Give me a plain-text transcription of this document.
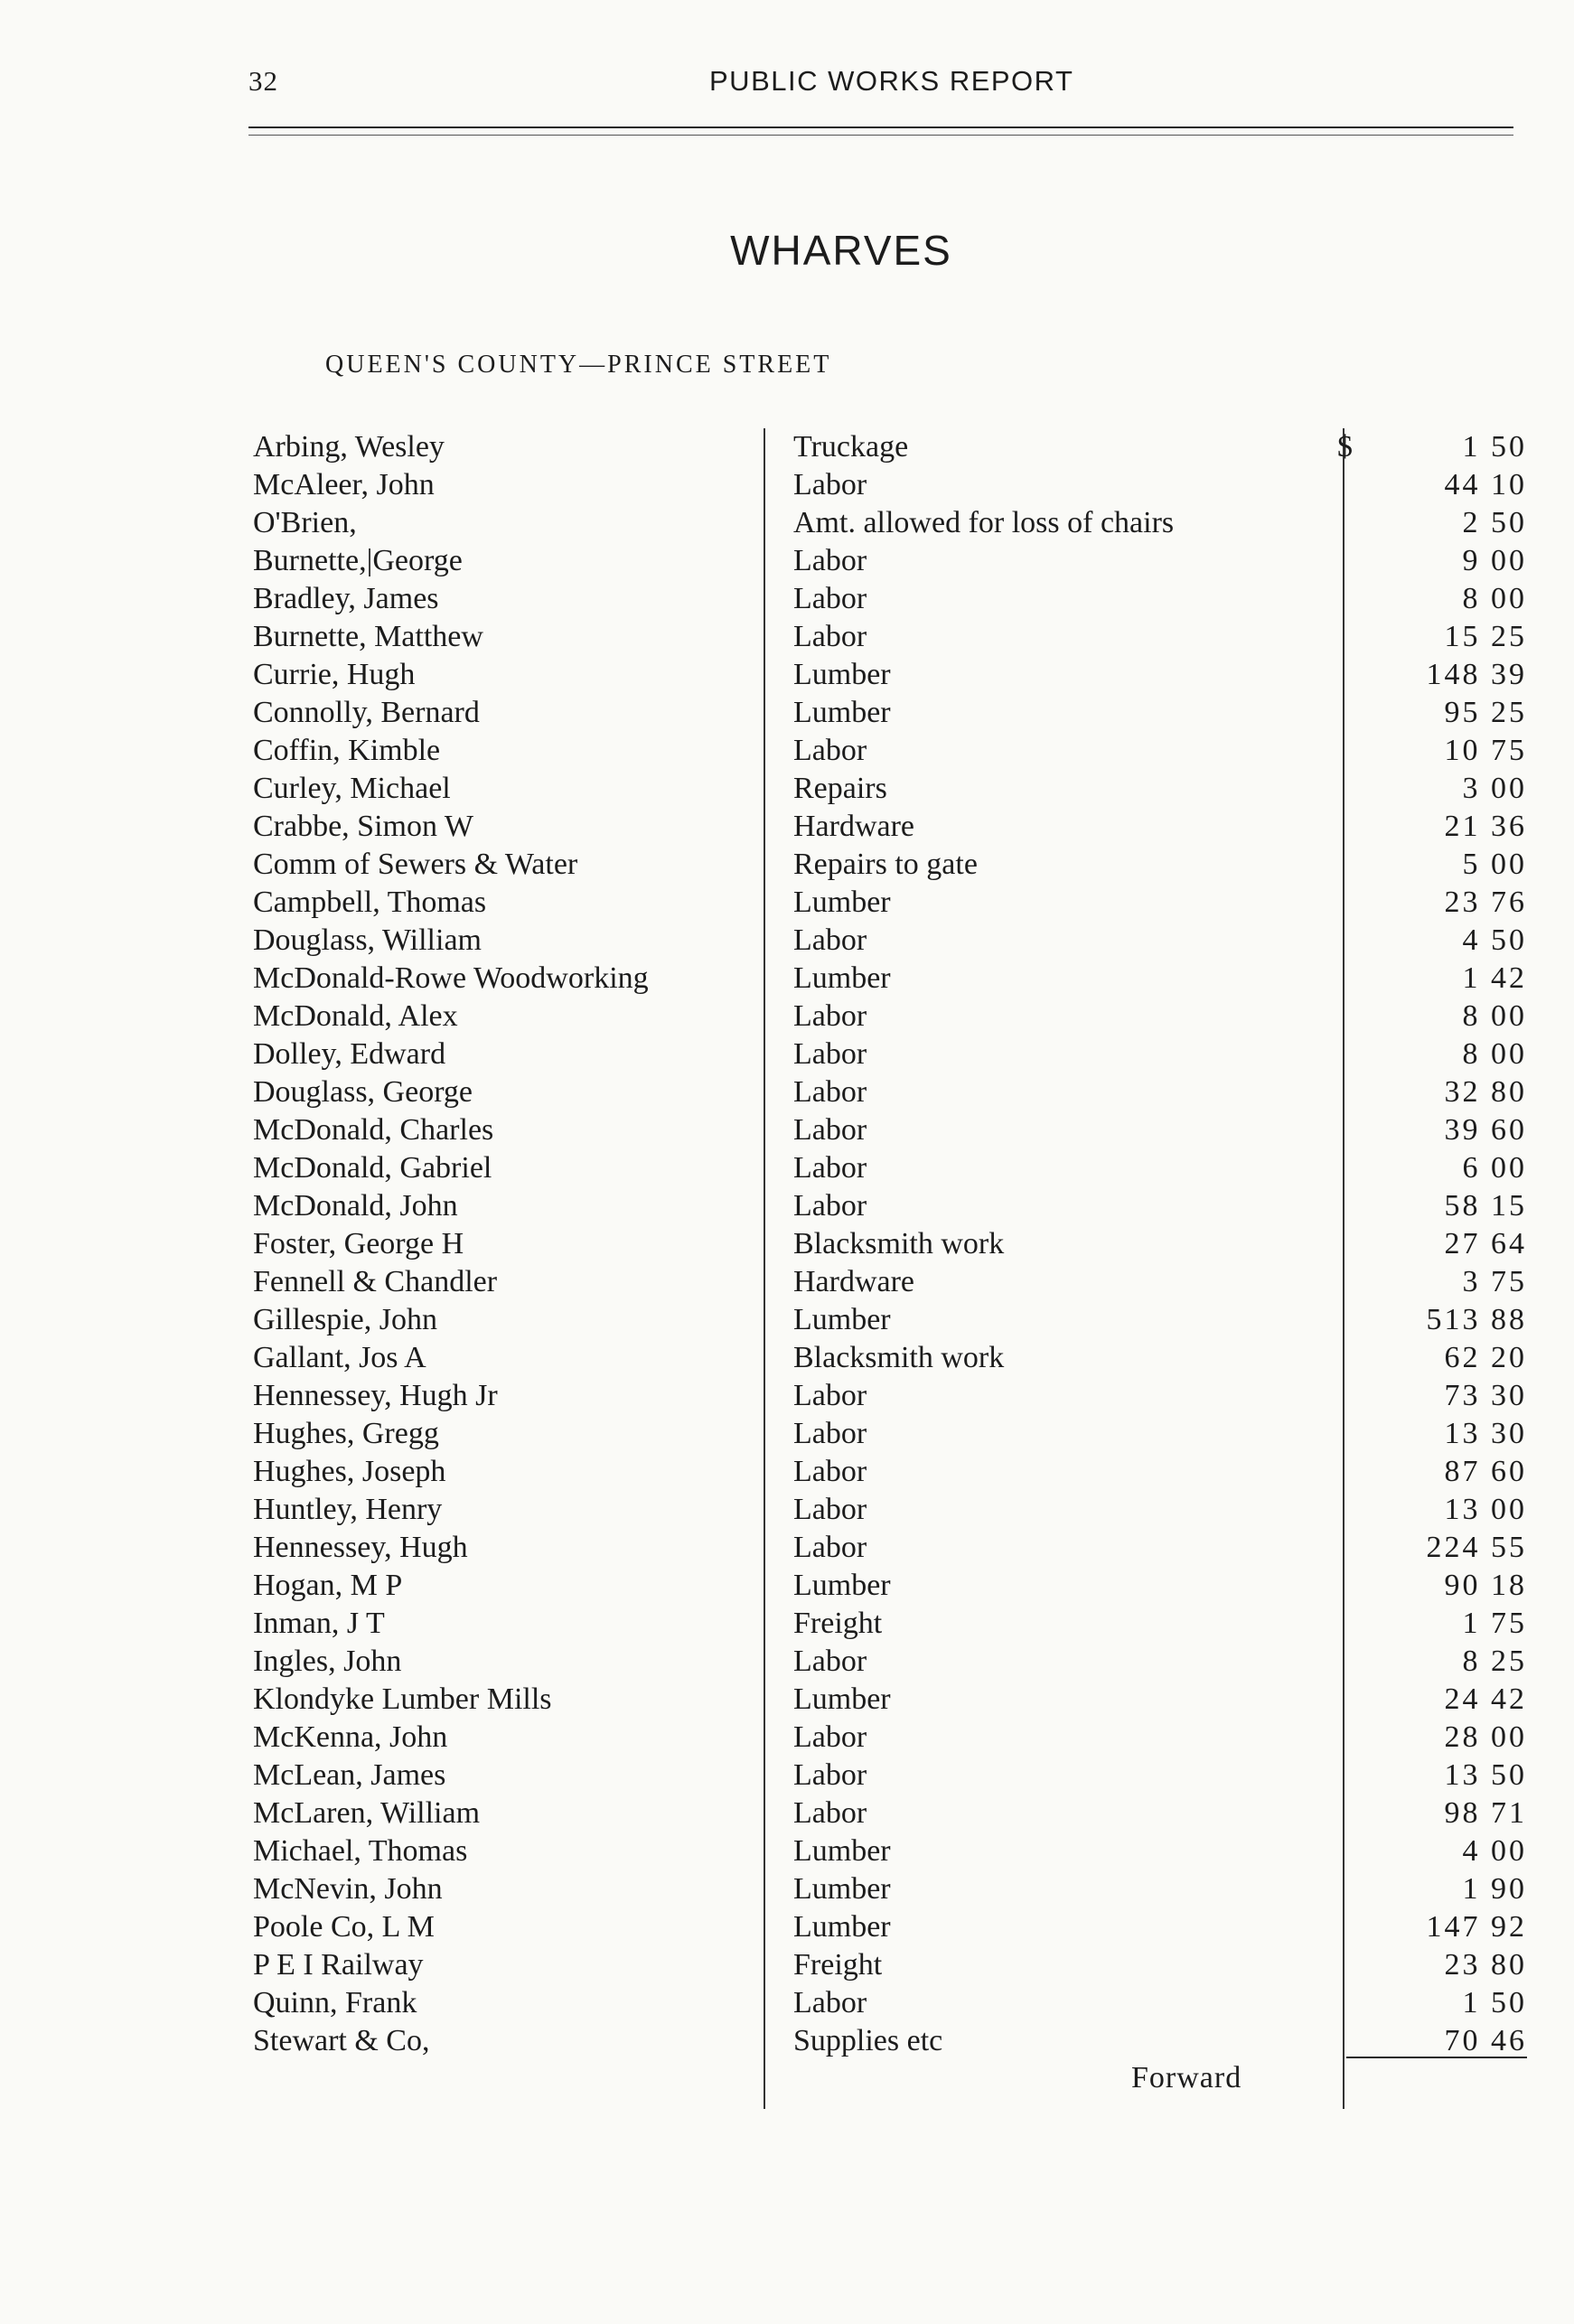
32	PUBLIC WORKS REPORT
WHARVES
QUEEN'S COUNTY—PRINCE STREET
$
Arbing, Wesley	Truckage	1 50
McAleer, John	Labor	44 10
O'Brien,	Amt. allowed for loss of chairs	2 50
Burnette,|George	Labor	9 00
Bradley, James	Labor	8 00
Burnette, Matthew	Labor	15 25
Currie, Hugh	Lumber	148 39
Connolly, Bernard	Lumber	95 25
Coffin, Kimble	Labor	10 75
Curley, Michael	Repairs	3 00
Crabbe, Simon W	Hardware	21 36
Comm of Sewers & Water	Repairs to gate	5 00
Campbell, Thomas	Lumber	23 76
Douglass, William	Labor	4 50
McDonald-Rowe Woodworking	Lumber	1 42
McDonald, Alex	Labor	8 00
Dolley, Edward	Labor	8 00
Douglass, George	Labor	32 80
McDonald, Charles	Labor	39 60
McDonald, Gabriel	Labor	6 00
McDonald, John	Labor	58 15
Foster, George H	Blacksmith work	27 64
Fennell & Chandler	Hardware	3 75
Gillespie, John	Lumber	513 88
Gallant, Jos A	Blacksmith work	62 20
Hennessey, Hugh Jr	Labor	73 30
Hughes, Gregg	Labor	13 30
Hughes, Joseph	Labor	87 60
Huntley, Henry	Labor	13 00
Hennessey, Hugh	Labor	224 55
Hogan, M P	Lumber	90 18
Inman, J T	Freight	1 75
Ingles, John	Labor	8 25
Klondyke Lumber Mills	Lumber	24 42
McKenna, John	Labor	28 00
McLean, James	Labor	13 50
McLaren, William	Labor	98 71
Michael, Thomas	Lumber	4 00
McNevin, John	Lumber	1 90
Poole Co, L M	Lumber	147 92
P E I Railway	Freight	23 80
Quinn, Frank	Labor	1 50
Stewart & Co,	Supplies etc	70 46
Forward
